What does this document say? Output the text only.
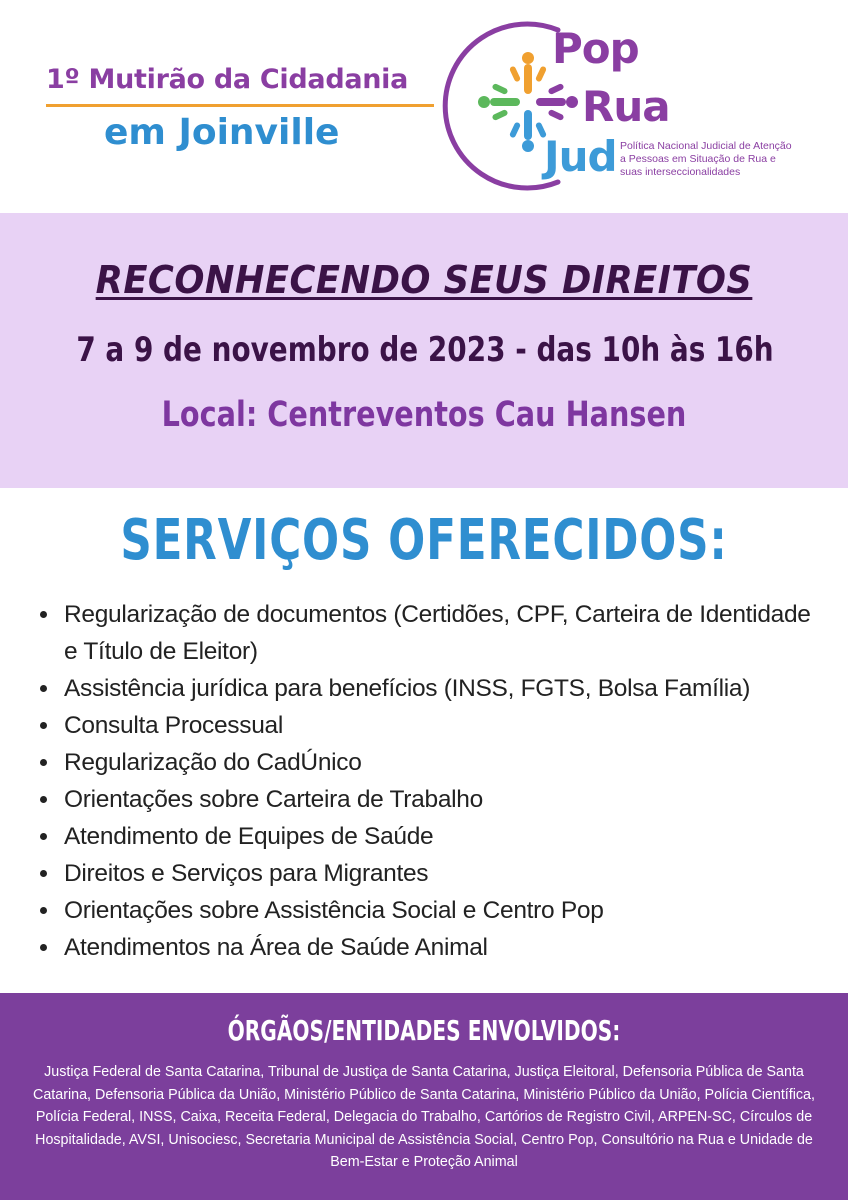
1º Mutirão da Cidadania
em Joinville
Pop
Rua
Jud Política Nacional Judicial de Atenção
a Pessoas em Situação de Rua e
suas interseccionalidades
RECONHECENDO SEUS DIREITOS
7 a 9 de novembro de 2023 - das 10h às 16h
Local: Centreventos Cau Hansen
SERVIÇOS OFERECIDOS:
Regularização de documentos (Certidões, CPF, Carteira de Identidade e Título de Eleitor)
Assistência jurídica para benefícios (INSS, FGTS, Bolsa Família)
Consulta Processual
Regularização do CadÚnico
Orientações sobre Carteira de Trabalho
Atendimento de Equipes de Saúde
Direitos e Serviços para Migrantes
Orientações sobre Assistência Social e Centro Pop
Atendimentos na Área de Saúde Animal
ÓRGÃOS/ENTIDADES ENVOLVIDOS:
Justiça Federal de Santa Catarina, Tribunal de Justiça de Santa Catarina, Justiça Eleitoral, Defensoria Pública de Santa Catarina, Defensoria Pública da União, Ministério Público de Santa Catarina, Ministério Público da União, Polícia Científica, Polícia Federal, INSS, Caixa, Receita Federal, Delegacia do Trabalho, Cartórios de Registro Civil, ARPEN-SC, Círculos de Hospitalidade, AVSI, Unisociesc, Secretaria Municipal de Assistência Social, Centro Pop, Consultório na Rua e Unidade de Bem-Estar e Proteção Animal
